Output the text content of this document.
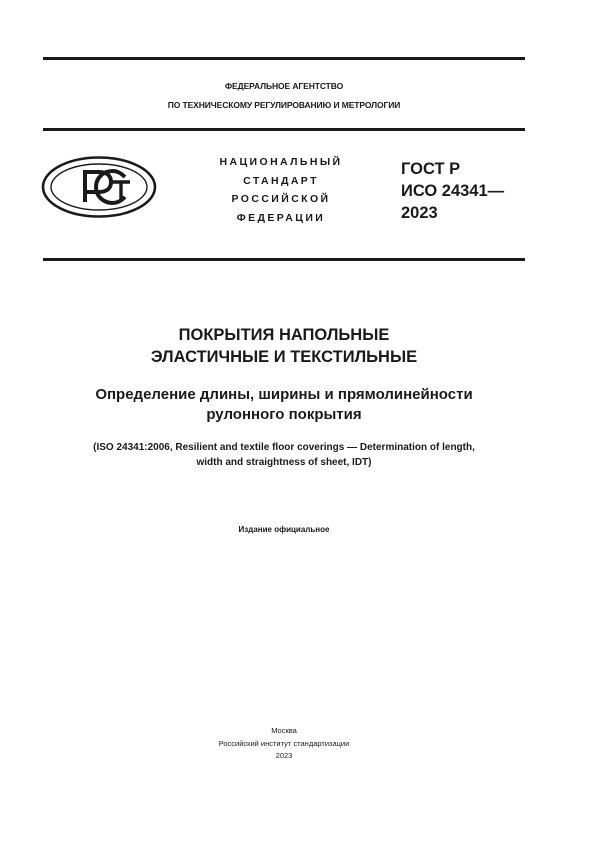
ФЕДЕРАЛЬНОЕ АГЕНТСТВО
ПО ТЕХНИЧЕСКОМУ РЕГУЛИРОВАНИЮ И МЕТРОЛОГИИ
НАЦИОНАЛЬНЫЙ
СТАНДАРТ
РОССИЙСКОЙ
ФЕДЕРАЦИИ
ГОСТ Р
ИСО 24341—
2023
ПОКРЫТИЯ НАПОЛЬНЫЕ
ЭЛАСТИЧНЫЕ И ТЕКСТИЛЬНЫЕ
Определение длины, ширины и прямолинейности
рулонного покрытия
(ISO 24341:2006, Resilient and textile floor coverings — Determination of length,
width and straightness of sheet, IDT)
Издание официальное
Москва
Российский институт стандартизации
2023
